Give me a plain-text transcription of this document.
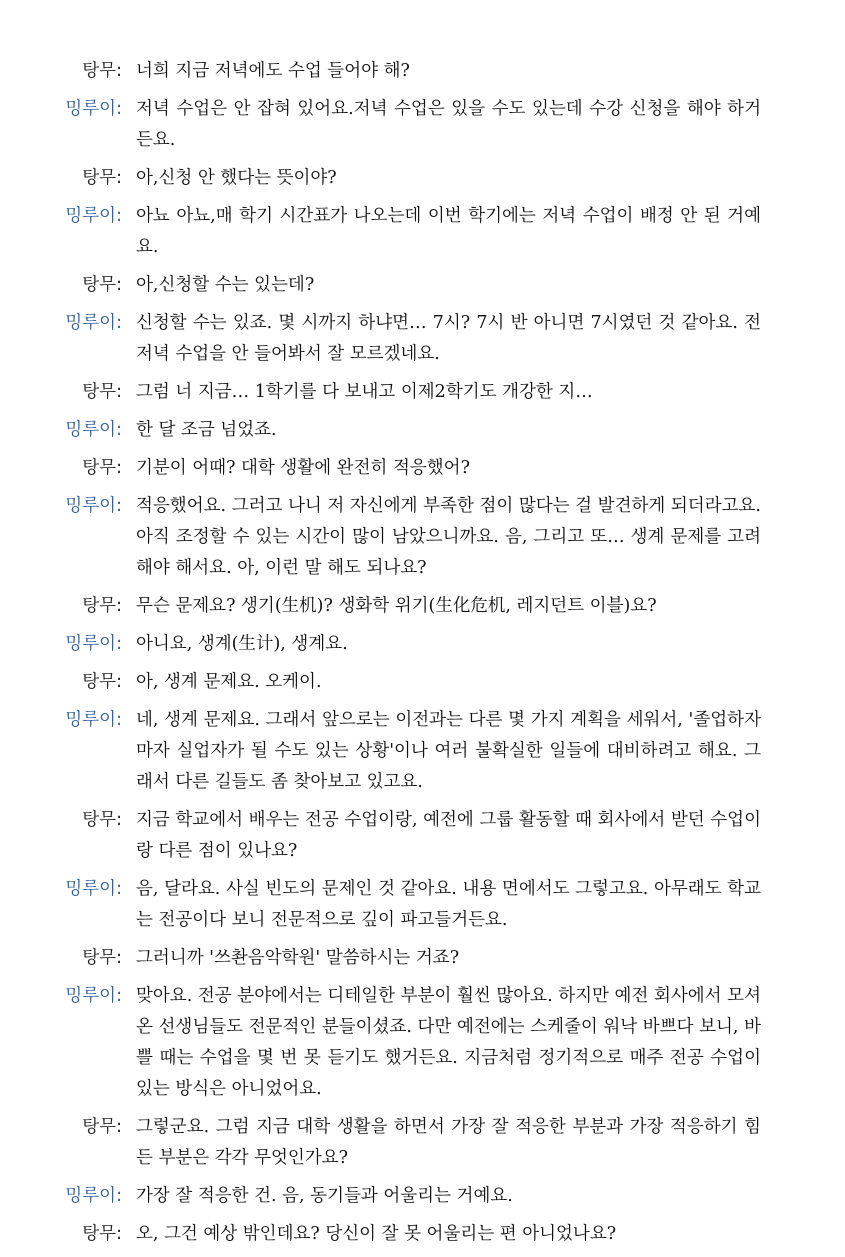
탕무: 너희 지금 저녁에도 수업 들어야 해?
밍루이: 저녁 수업은 안 잡혀 있어요.저녁 수업은 있을 수도 있는데 수강 신청을 해야 하거든요.
탕무: 아,신청 안 했다는 뜻이야?
밍루이: 아뇨 아뇨,매 학기 시간표가 나오는데 이번 학기에는 저녁 수업이 배정 안 된 거예요.
탕무: 아,신청할 수는 있는데?
밍루이: 신청할 수는 있죠. 몇 시까지 하냐면… 7시? 7시 반 아니면 7시였던 것 같아요. 전 저녁 수업을 안 들어봐서 잘 모르겠네요.
탕무: 그럼 너 지금… 1학기를 다 보내고 이제2학기도 개강한 지…
밍루이: 한 달 조금 넘었죠.
탕무: 기분이 어때? 대학 생활에 완전히 적응했어?
밍루이: 적응했어요. 그러고 나니 저 자신에게 부족한 점이 많다는 걸 발견하게 되더라고요. 아직 조정할 수 있는 시간이 많이 남았으니까요. 음, 그리고 또… 생계 문제를 고려해야 해서요. 아, 이런 말 해도 되나요?
탕무: 무슨 문제요? 생기(生机)? 생화학 위기(生化危机, 레지던트 이블)요?
밍루이: 아니요, 생계(生计), 생계요.
탕무: 아, 생계 문제요. 오케이.
밍루이: 네, 생계 문제요. 그래서 앞으로는 이전과는 다른 몇 가지 계획을 세워서, '졸업하자마자 실업자가 될 수도 있는 상황'이나 여러 불확실한 일들에 대비하려고 해요. 그래서 다른 길들도 좀 찾아보고 있고요.
탕무: 지금 학교에서 배우는 전공 수업이랑, 예전에 그룹 활동할 때 회사에서 받던 수업이랑 다른 점이 있나요?
밍루이: 음, 달라요. 사실 빈도의 문제인 것 같아요. 내용 면에서도 그렇고요. 아무래도 학교는 전공이다 보니 전문적으로 깊이 파고들거든요.
탕무: 그러니까 '쓰촨음악학원' 말씀하시는 거죠?
밍루이: 맞아요. 전공 분야에서는 디테일한 부분이 훨씬 많아요. 하지만 예전 회사에서 모셔온 선생님들도 전문적인 분들이셨죠. 다만 예전에는 스케줄이 워낙 바쁘다 보니, 바쁠 때는 수업을 몇 번 못 듣기도 했거든요. 지금처럼 정기적으로 매주 전공 수업이 있는 방식은 아니었어요.
탕무: 그렇군요. 그럼 지금 대학 생활을 하면서 가장 잘 적응한 부분과 가장 적응하기 힘든 부분은 각각 무엇인가요?
밍루이: 가장 잘 적응한 건. 음, 동기들과 어울리는 거예요.
탕무: 오, 그건 예상 밖인데요? 당신이 잘 못 어울리는 편 아니었나요?
